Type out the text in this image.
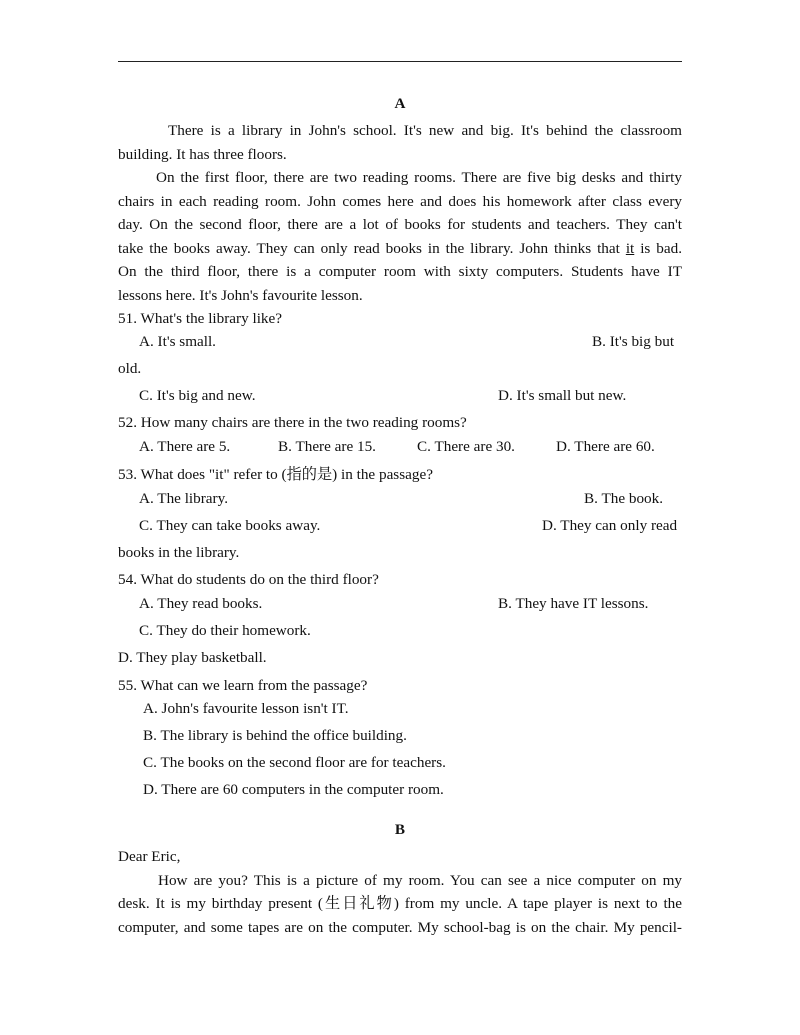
A
There is a library in John's school. It's new and big. It's behind the classroom
building. It has three floors.
On the first floor, there are two reading rooms. There are five big desks and thirty
chairs in each reading room. John comes here and does his homework after class every
day. On the second floor, there are a lot of books for students and teachers. They can't
take the books away. They can only read books in the library. John thinks that it is bad.
On the third floor, there is a computer room with sixty computers. Students have IT
lessons here. It's John's favourite lesson.
51. What's the library like?
A. It's small.	B. It's big but
old.
C. It's big and new.	D. It's small but new.
52. How many chairs are there in the two reading rooms?
A. There are 5.	B. There are 15.	C. There are 30.	D. There are 60.
53. What does "it" refer to (指的是) in the passage?
A. The library.	B. The book.
C. They can take books away.	D. They can only read
books in the library.
54. What do students do on the third floor?
A. They read books.	B. They have IT lessons.
C. They do their homework.
D. They play basketball.
55. What can we learn from the passage?
A. John's favourite lesson isn't IT.
B. The library is behind the office building.
C. The books on the second floor are for teachers.
D. There are 60 computers in the computer room.
B
Dear Eric,
How are you? This is a picture of my room. You can see a nice computer on my
desk. It is my birthday present (生日礼物) from my uncle. A tape player is next to the
computer, and some tapes are on the computer. My school-bag is on the chair. My pencil-
